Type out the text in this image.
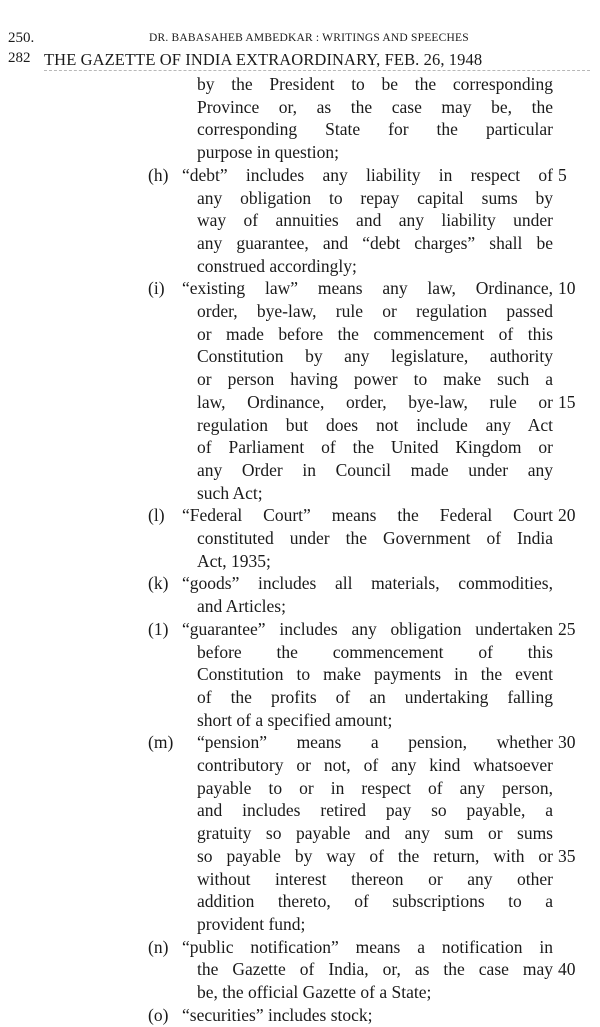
250.	DR. BABASAHEB AMBEDKAR : WRITINGS AND SPEECHES
282 THE GAZETTE OF INDIA EXTRAORDINARY, FEB. 26, 1948
by the President to be the corresponding
Province or, as the case may be, the
corresponding State for the particular
purpose in question;
(h) “debt” includes any liability in respect of 5
any obligation to repay capital sums by
way of annuities and any liability under
any guarantee, and “debt charges” shall be
construed accordingly;
(i) “existing law” means any law, Ordinance, 10
order, bye-law, rule or regulation passed
or made before the commencement of this
Constitution by any legislature, authority
or person having power to make such a
law, Ordinance, order, bye-law, rule or 15
regulation but does not include any Act
of Parliament of the United Kingdom or
any Order in Council made under any
such Act;
(l) “Federal Court” means the Federal Court 20
constituted under the Government of India
Act, 1935;
(k) “goods” includes all materials, commodities,
and Articles;
(1) “guarantee” includes any obligation undertaken 25
before the commencement of this
Constitution to make payments in the event
of the profits of an undertaking falling
short of a specified amount;
(m) “pension” means a pension, whether 30
contributory or not, of any kind whatsoever
payable to or in respect of any person,
and includes retired pay so payable, a
gratuity so payable and any sum or sums
so payable by way of the return, with or 35
without interest thereon or any other
addition thereto, of subscriptions to a
provident fund;
(n) “public notification” means a notification in
the Gazette of India, or, as the case may 40
be, the official Gazette of a State;
(o) “securities” includes stock;
